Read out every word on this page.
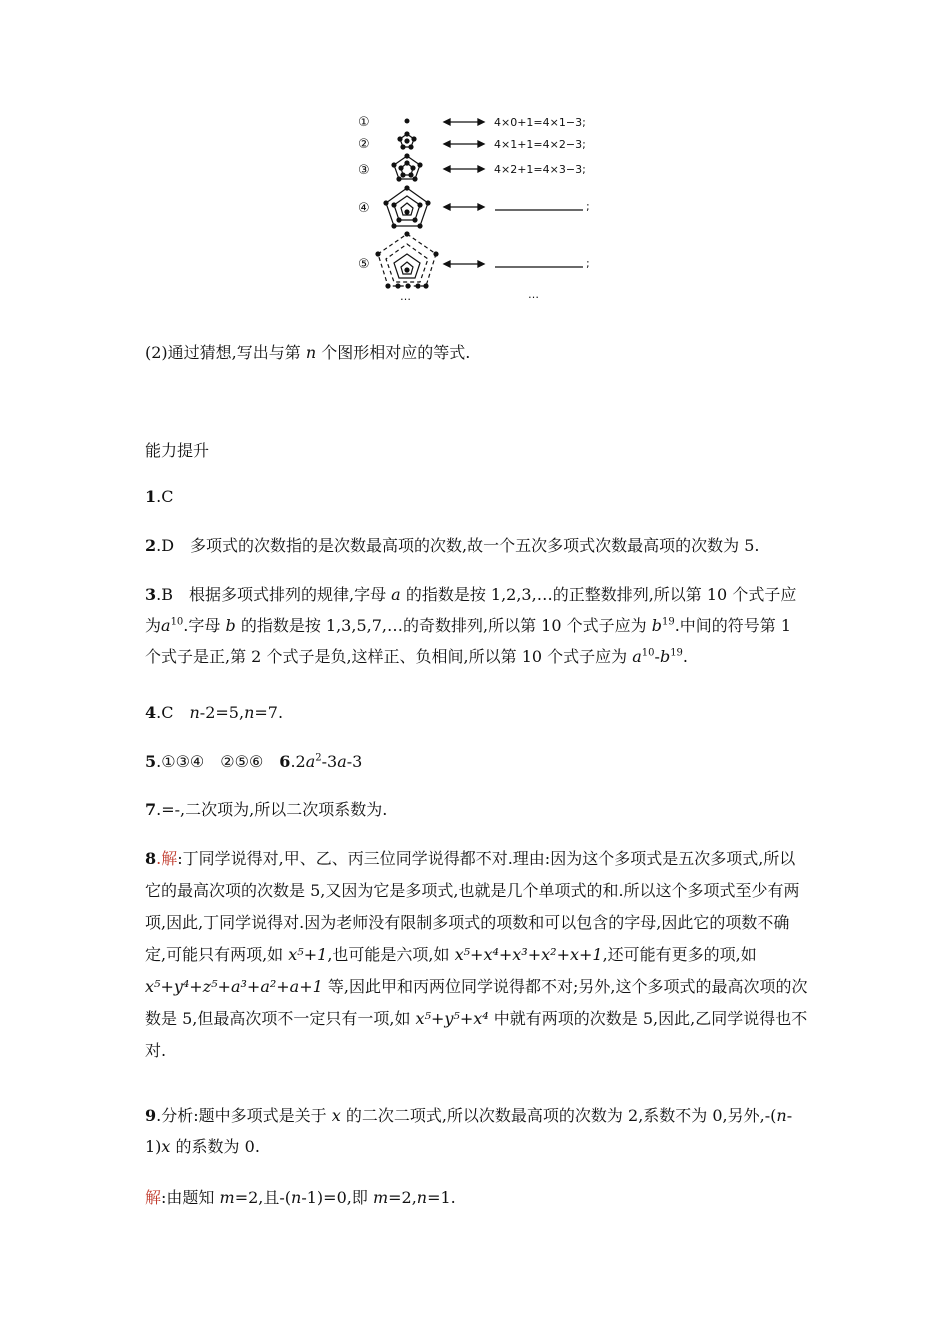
①
②
③
④
⑤
4×0+1=4×1−3;
4×1+1=4×2−3;
4×2+1=4×3−3;
;
;
…	…
(2)通过猜想,写出与第 n 个图形相对应的等式.
能力提升
1.C
2.D　多项式的次数指的是次数最高项的次数,故一个五次多项式次数最高项的次数为 5.
3.B　根据多项式排列的规律,字母 a 的指数是按 1,2,3,…的正整数排列,所以第 10 个式子应为$a^{10}$.字母 b 的指数是按 1,3,5,7,…的奇数排列,所以第 10 个式子应为 $b^{19}$.中间的符号第 1 个式子是正,第 2 个式子是负,这样正、负相间,所以第 10 个式子应为 $a^{10}-b^{19}$.
4.C　n-2=5,n=7.
5.①③④　②⑤⑥　$6.2a^2-3a-3$
7.=-,二次项为,所以二次项系数为.
8.解:丁同学说得对,甲、乙、丙三位同学说得都不对.理由:因为这个多项式是五次多项式,所以它的最高次项的次数是 5,又因为它是多项式,也就是几个单项式的和.所以这个多项式至少有两项,因此,丁同学说得对.因为老师没有限制多项式的项数和可以包含的字母,因此它的项数不确定,可能只有两项,如 x⁵+1,也可能是六项,如 x⁵+x⁴+x³+x²+x+1,还可能有更多的项,如 x⁵+y⁴+z⁵+a³+a²+a+1 等,因此甲和丙两位同学说得都不对;另外,这个多项式的最高次项的次数是 5,但最高次项不一定只有一项,如 x⁵+y⁵+x⁴ 中就有两项的次数是 5,因此,乙同学说得也不对.
9.分析:题中多项式是关于 x 的二次二项式,所以次数最高项的次数为 2,系数不为 0,另外,-(n-1)x 的系数为 0.
解:由题知 m=2,且-(n-1)=0,即 m=2,n=1.
